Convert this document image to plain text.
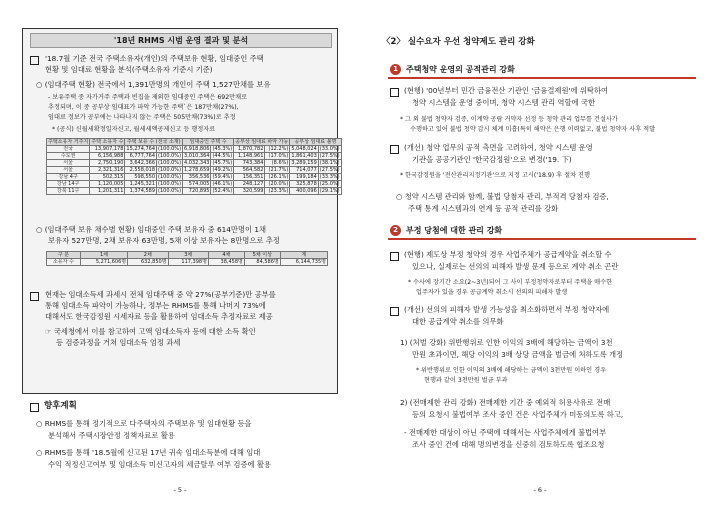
'18년 RHMS 시범 운영 결과 및 분석
'18.7월 기준 전국 주택소유자(개인)의 주택보유 현황, 임대중인 주택
현황 및 임대료 현황을 분석(주택소유자 기준시 기준)
○ (임대주택 현황) 전국에서 1,391만명의 개인이 주택 1,527만채를 보유
- 보유주택 중 자가거주 주택과 빈집을 제외한 임대중인 주택은 692만채로
추정되며, 이 중 공부상 임대표가 파악 가능한 주택`은 187만채(27%),
임대료 정보가 공부에는 나타나지 않는 주택은 505만채(73%)로 추정
* (공식) 신월세확정일자신고, 월세세액공제신고 등 행정자료
주택소유자 거주지	주택 소유자 수	주택 보유 수 (전국 소재)		임대중인 주택 수		공부상 임대료 파악 가능		공부상 임대료 불명	
전국	13,907,178	15,274,764	(100.0%)	6,918,806	(45.3%)	1,870,782	(12.2%)	5,048,024	(33.0%)
수도권	6,156,988	6,777,764	(100.0%)	3,010,364	(44.5%)	1,148,961	(17.0%)	1,861,403	(27.5%)
서울	2,750,190	3,642,366	(100.0%)	4,032,343	(45.7%)	743,384	(8.6%)	3,289,159	(38.1%)
서울	2,321,316	2,558,018	(100.0%)	1,278,659	(49.2%)	564,582	(21.7%)	714,077	(27.5%)
강남 4구	502,315	598,550	(100.0%)	356,536	(59.4%)	156,351	(26.1%)	199,184	(33.3%)
강남 14구	1,120,005	1,245,321	(100.0%)	574,005	(46.1%)	248,127	(20.0%)	325,878	(25.0%)
강북 11구	1,201,311	1,374,589	(100.0%)	720,895	(52.4%)	320,599	(23.3%)	400,096	(29.1%)
○ (임대주택 보유 채수별 현황) 임대중인 주택 보유자 중 614만명이 1채
보유자 527만명, 2채 보유자 63만명, 5채 이상 보유자는 8만명으로 추정
구 분	1채	2채	3채	4채	5채 이상	계
소유자 수	5,271,606명	632,850명	117,398명	38,458명	84,586명	6,144,735명
현재는 임대소득세 과세시 전체 임대주택 중 약 27%(공부기준)만 공부를
통해 임대소득 파악이 가능하나, 정부는 RHMS를 통해 나머지 73%에
대해서도 한국감정원 시세자료 등을 활용하여 임대소득 추정자료로 제공
☞ 국세청에서 이를 참고하여 고액 임대소득자 등에 대한 소득 확인
등 검증과정을 거쳐 임대소득 엄정 과세
향후계획
○ RHMS를 통해 정기적으로 다주택자의 주택보유 및 임대현황 등을
분석해서 주택시장안정 정책자료로 활용
○ RHMS를 통해 '18.5월에 신고된 17년 귀속 임대소득분에 대해 임대
수익 적정신고여부 및 임대소득 미신고자의 세금탈루 여부 검증에 활용
- 5 -
〈2〉 실수요자 우선 청약제도 관리 강화
1	주택청약 운영의 공적관리 강화
(현행) '00년부터 민간 금융전산 기관인 '금융결제원'에 위탁하여
청약 시스템을 운영 중이며, 청약 시스템 관리 역할에 국한
* 그 외 불법 청약자 검증, 이계약 공람 거약자 선정 등 청약 관리 업무를 건설사가
수행하고 있어 불법 청약 감시 체계 미흡(특히 해약은 은행 이력없고, 불법 청약자 사후 적발
(개선) 청약 업무의 공적 측면을 고려하여, 청약 시스템 운영
기관을 공공기관인 '한국감정원'으로 변경('19. 下)
* 한국감정원을 '전산관리지정기관'으로 지정 고시('18.9) 후 절차 진행
○ 청약 시스템 관리와 함께, 불법 당첨자 관리, 부적격 당첨자 검증,
주택 통계 시스템과의 연계 등 공적 관리를 강화
2	부정 당첨에 대한 관리 강화
(현행) 제도상 부정 청약의 경우 사업주체가 공급계약을 취소할 수
있으나, 실제로는 선의의 피해자 발생 문제 등으로 계약 취소 곤란
* 수사에 장기간 소요(2~3년)되어 그 사이 부정청약자로부터 주택을 매수한
업주자가 있을 경우 공급계약 취소시 선의의 피해자 발생
(개선) 선의의 피해자 발생 가능성을 최소화하면서 부정 청약자에
대한 공급계약 취소를 의무화
1) (처벌 강화) 위반행위로 인한 이익의 3배에 해당하는 금액이 3천
만원 초과이면, 해당 이익의 3배 상당 금액을 벌금에 처하도록 개정
* 위반행위로 인한 이익의 3배에 해당하는 금액이 3천만원 이하인 경우
현행과 같이 3천만원 벌금 부과
2) (전매제한 관리 강화) 전매제한 기간 중 예외적 허용사유로 전매
등의 요청시 불법여부 조사 중인 건은 사업주체가 미동의도록 하고,
- 전매제한 대상이 아닌 주택에 대해서는 사업주체에게 불법여부
조사 중인 건에 대해 명의변경을 신중히 검토하도록 협조요청
- 6 -
